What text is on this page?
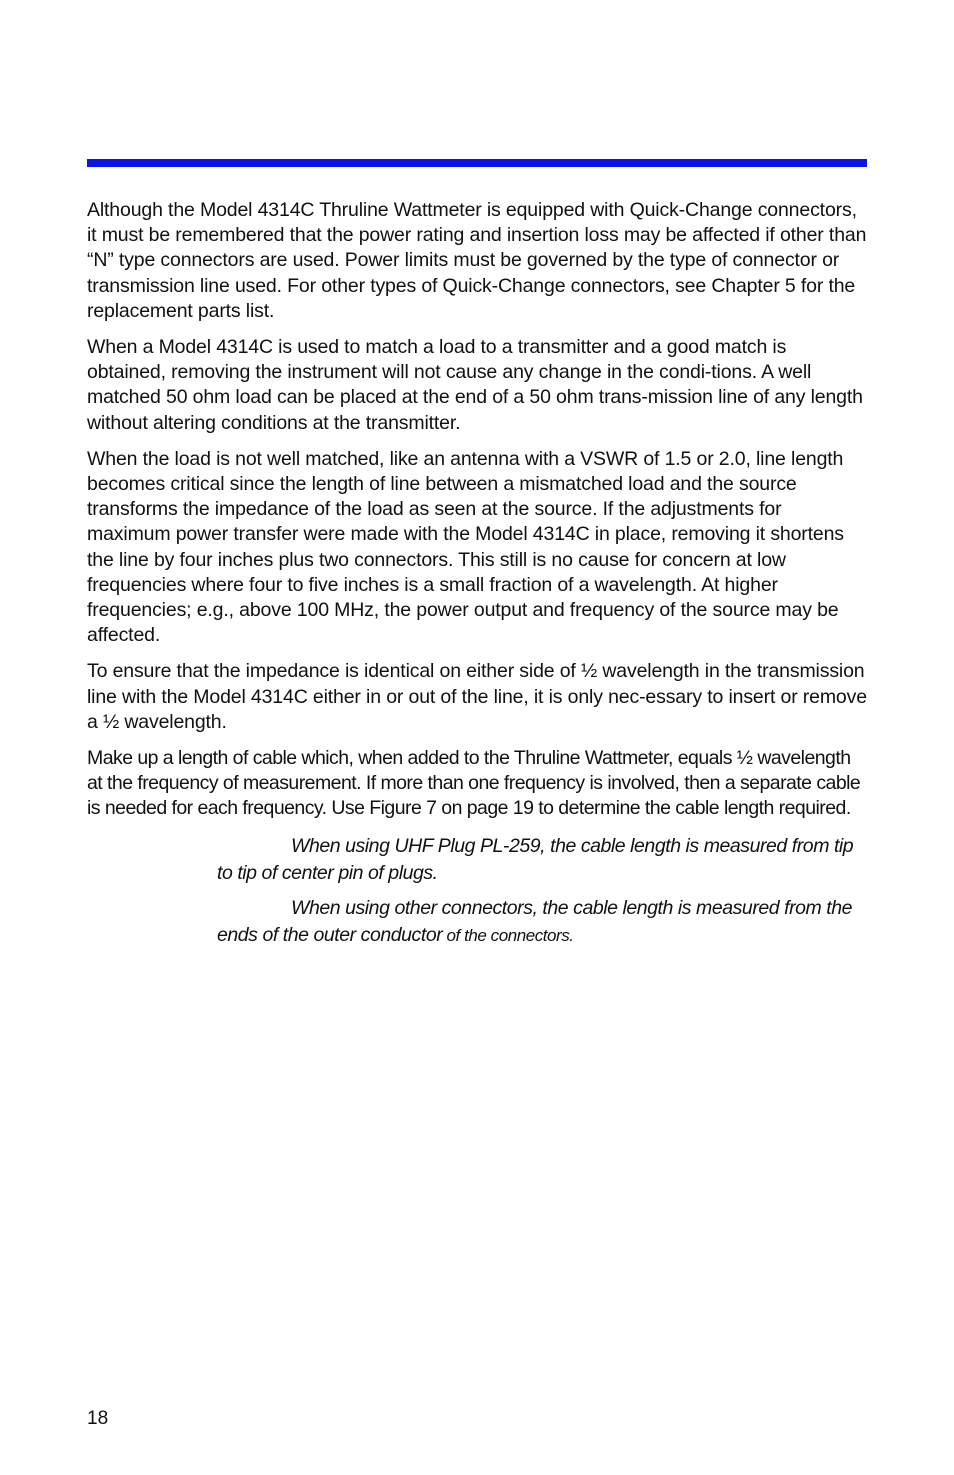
Although the Model 4314C Thruline Wattmeter is equipped with Quick-Change connectors, it must be remembered that the power rating and insertion loss may be affected if other than “N” type connectors are used. Power limits must be governed by the type of connector or transmission line used. For other types of Quick-Change connectors, see Chapter 5 for the replacement parts list.

When a Model 4314C is used to match a load to a transmitter and a good match is obtained, removing the instrument will not cause any change in the condi-tions. A well matched 50 ohm load can be placed at the end of a 50 ohm trans-mission line of any length without altering conditions at the transmitter.

When the load is not well matched, like an antenna with a VSWR of 1.5 or 2.0, line length becomes critical since the length of line between a mismatched load and the source transforms the impedance of the load as seen at the source. If the adjustments for maximum power transfer were made with the Model 4314C in place, removing it shortens the line by four inches plus two connectors. This still is no cause for concern at low frequencies where four to five inches is a small fraction of a wavelength. At higher frequencies; e.g., above 100 MHz, the power output and frequency of the source may be affected.

To ensure that the impedance is identical on either side of ½ wavelength in the transmission line with the Model 4314C either in or out of the line, it is only nec-essary to insert or remove a ½ wavelength.

Make up a length of cable which, when added to the Thruline Wattmeter, equals ½ wavelength at the frequency of measurement. If more than one frequency is involved, then a separate cable is needed for each frequency. Use Figure 7 on page 19 to determine the cable length required.

When using UHF Plug PL-259, the cable length is measured from tip to tip of center pin of plugs.

When using other connectors, the cable length is measured from the ends of the outer conductor of the connectors.

18
